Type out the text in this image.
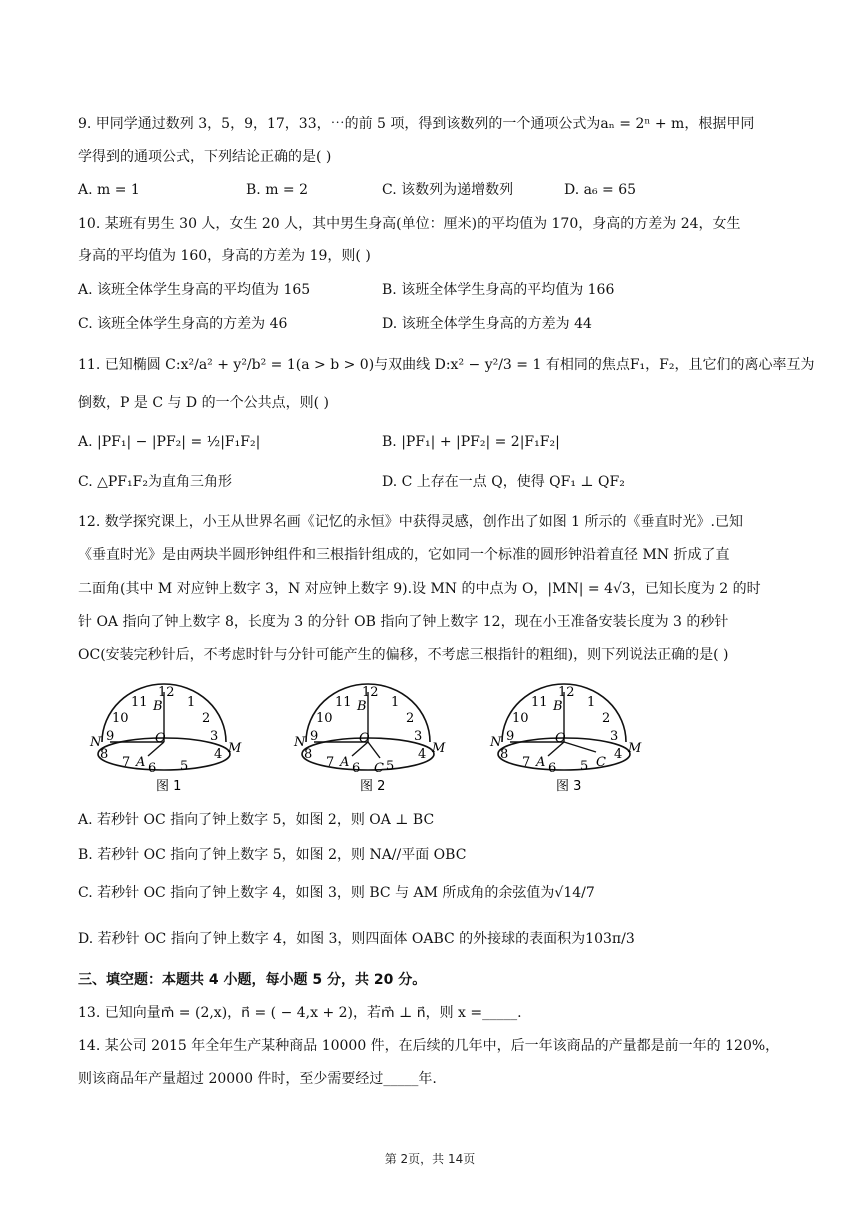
9. 甲同学通过数列 3，5，9，17，33，⋯的前 5 项，得到该数列的一个通项公式为aₙ = 2ⁿ + m，根据甲同
学得到的通项公式，下列结论正确的是( )
A. m = 1	B. m = 2	C. 该数列为递增数列	D. a₆ = 65
10. 某班有男生 30 人，女生 20 人，其中男生身高(单位：厘米)的平均值为 170，身高的方差为 24，女生
身高的平均值为 160，身高的方差为 19，则( )
A. 该班全体学生身高的平均值为 165	B. 该班全体学生身高的平均值为 166
C. 该班全体学生身高的方差为 46	D. 该班全体学生身高的方差为 44
11. 已知椭圆 C:x²/a² + y²/b² = 1(a > b > 0)与双曲线 D:x² − y²/3 = 1 有相同的焦点F₁，F₂，且它们的离心率互为
倒数，P 是 C 与 D 的一个公共点，则( )
A. |PF₁| − |PF₂| = ½|F₁F₂|	B. |PF₁| + |PF₂| = 2|F₁F₂|
C. △PF₁F₂为直角三角形	D. C 上存在一点 Q，使得 QF₁ ⊥ QF₂
12. 数学探究课上，小王从世界名画《记忆的永恒》中获得灵感，创作出了如图 1 所示的《垂直时光》.已知
《垂直时光》是由两块半圆形钟组件和三根指针组成的，它如同一个标准的圆形钟沿着直径 MN 折成了直
二面角(其中 M 对应钟上数字 3，N 对应钟上数字 9).设 MN 的中点为 O，|MN| = 4√3，已知长度为 2 的时
针 OA 指向了钟上数字 8，长度为 3 的分针 OB 指向了钟上数字 12，现在小王准备安装长度为 3 的秒针
OC(安装完秒针后，不考虑时针与分针可能产生的偏移，不考虑三根指针的粗细)，则下列说法正确的是( )
12
11	1
10	2
9	3
8	4
7 6 5
B
O
N	M
A
图 1
12
11	1
10	2
9	3
8	4
7 6 5
B
O
N	M
A C
图 2
12
11	1
10	2
9	3
8	4
7 6 5
B
O
N	M
A	C
图 3
A. 若秒针 OC 指向了钟上数字 5，如图 2，则 OA ⊥ BC
B. 若秒针 OC 指向了钟上数字 5，如图 2，则 NA//平面 OBC
C. 若秒针 OC 指向了钟上数字 4，如图 3，则 BC 与 AM 所成角的余弦值为√14/7
D. 若秒针 OC 指向了钟上数字 4，如图 3，则四面体 OABC 的外接球的表面积为103π/3
三、填空题：本题共 4 小题，每小题 5 分，共 20 分。
13. 已知向量m⃗ = (2,x)，n⃗ = ( − 4,x + 2)，若m⃗ ⊥ n⃗，则 x =_____.
14. 某公司 2015 年全年生产某种商品 10000 件，在后续的几年中，后一年该商品的产量都是前一年的 120%，
则该商品年产量超过 20000 件时，至少需要经过_____年.
第 2页，共 14页
